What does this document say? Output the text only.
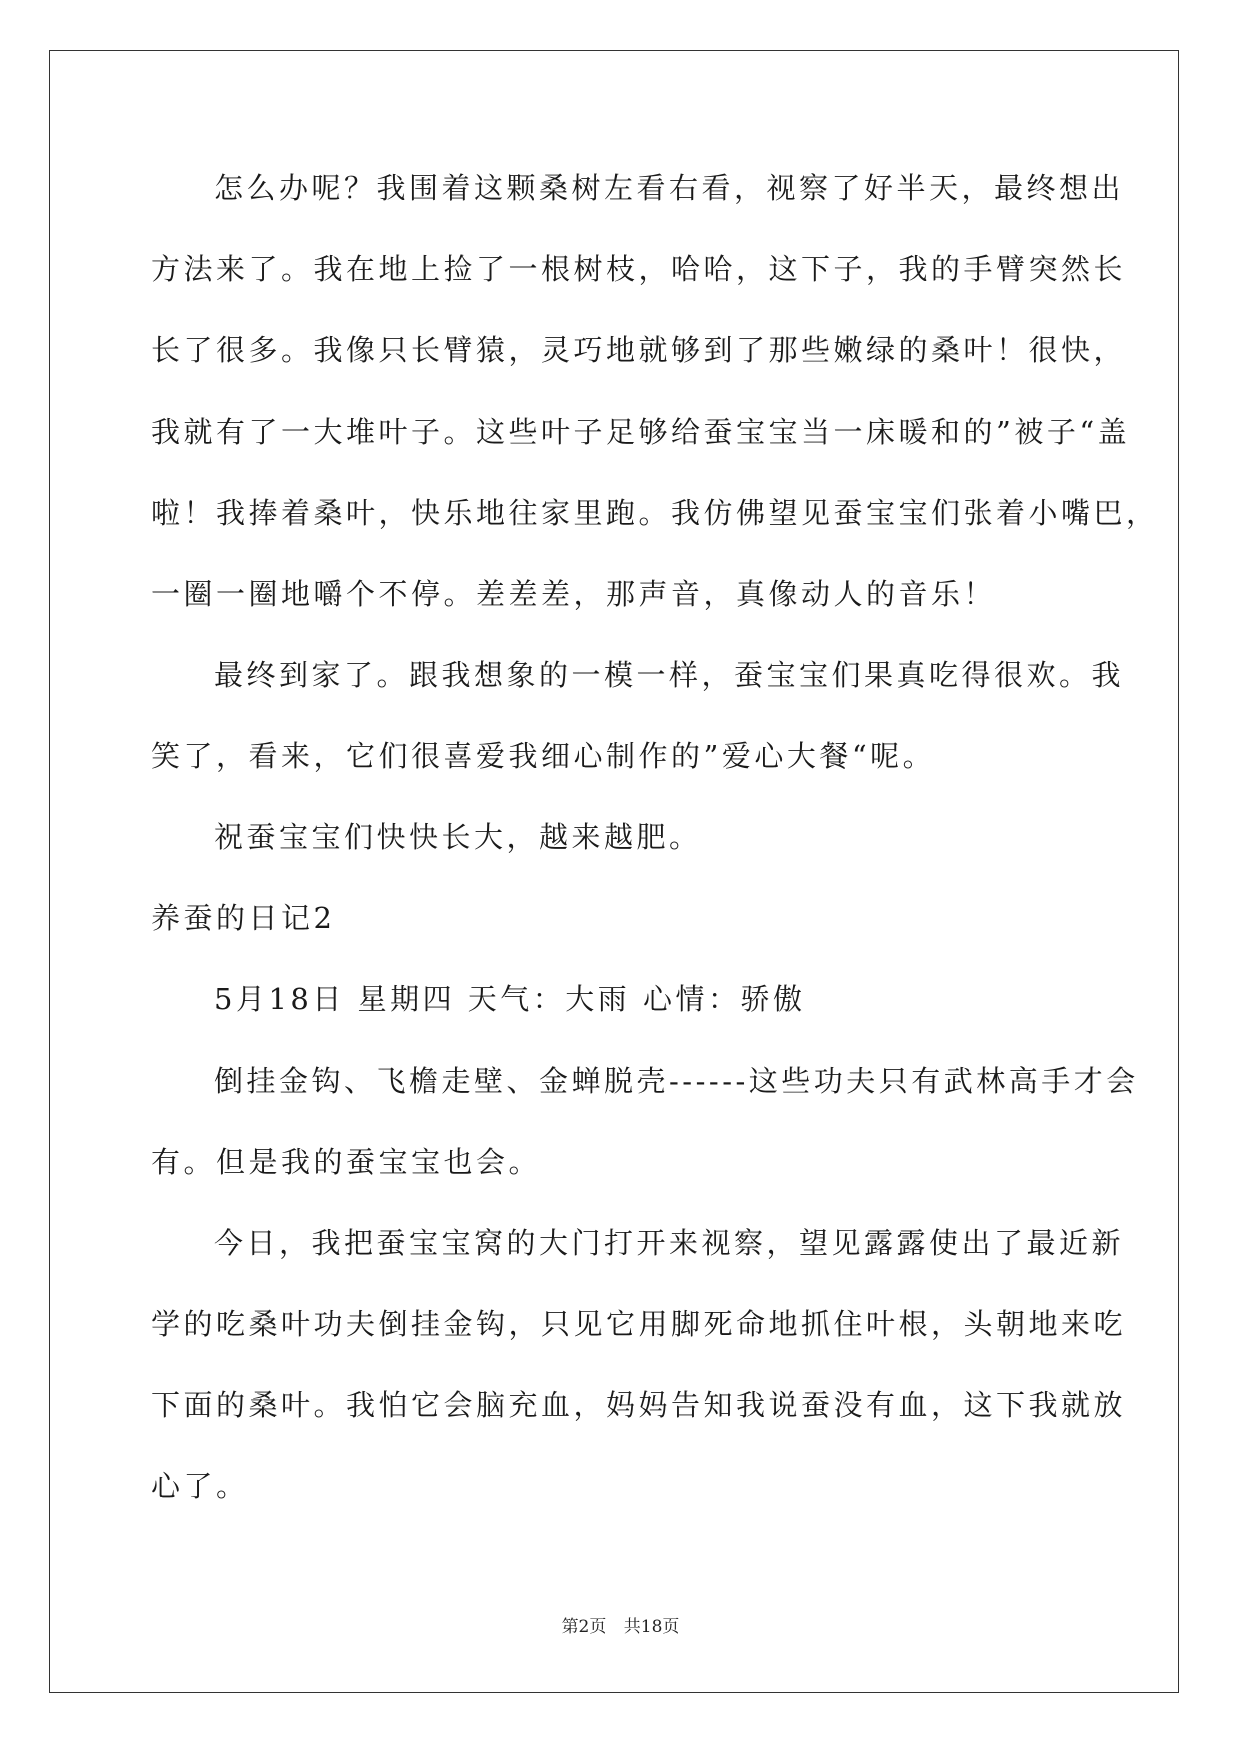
怎么办呢？我围着这颗桑树左看右看，视察了好半天，最终想出
方法来了。我在地上捡了一根树枝，哈哈，这下子，我的手臂突然长
长了很多。我像只长臂猿，灵巧地就够到了那些嫩绿的桑叶！很快，
我就有了一大堆叶子。这些叶子足够给蚕宝宝当一床暖和的”被子“盖
啦！我捧着桑叶，快乐地往家里跑。我仿佛望见蚕宝宝们张着小嘴巴，
一圈一圈地嚼个不停。差差差，那声音，真像动人的音乐！
最终到家了。跟我想象的一模一样，蚕宝宝们果真吃得很欢。我
笑了，看来，它们很喜爱我细心制作的”爱心大餐“呢。
祝蚕宝宝们快快长大，越来越肥。
养蚕的日记2
5月18日 星期四 天气：大雨 心情：骄傲
倒挂金钩、飞檐走壁、金蝉脱壳------这些功夫只有武林高手才会
有。但是我的蚕宝宝也会。
今日，我把蚕宝宝窝的大门打开来视察，望见露露使出了最近新
学的吃桑叶功夫倒挂金钩，只见它用脚死命地抓住叶根，头朝地来吃
下面的桑叶。我怕它会脑充血，妈妈告知我说蚕没有血，这下我就放
心了。
第2页 共18页
